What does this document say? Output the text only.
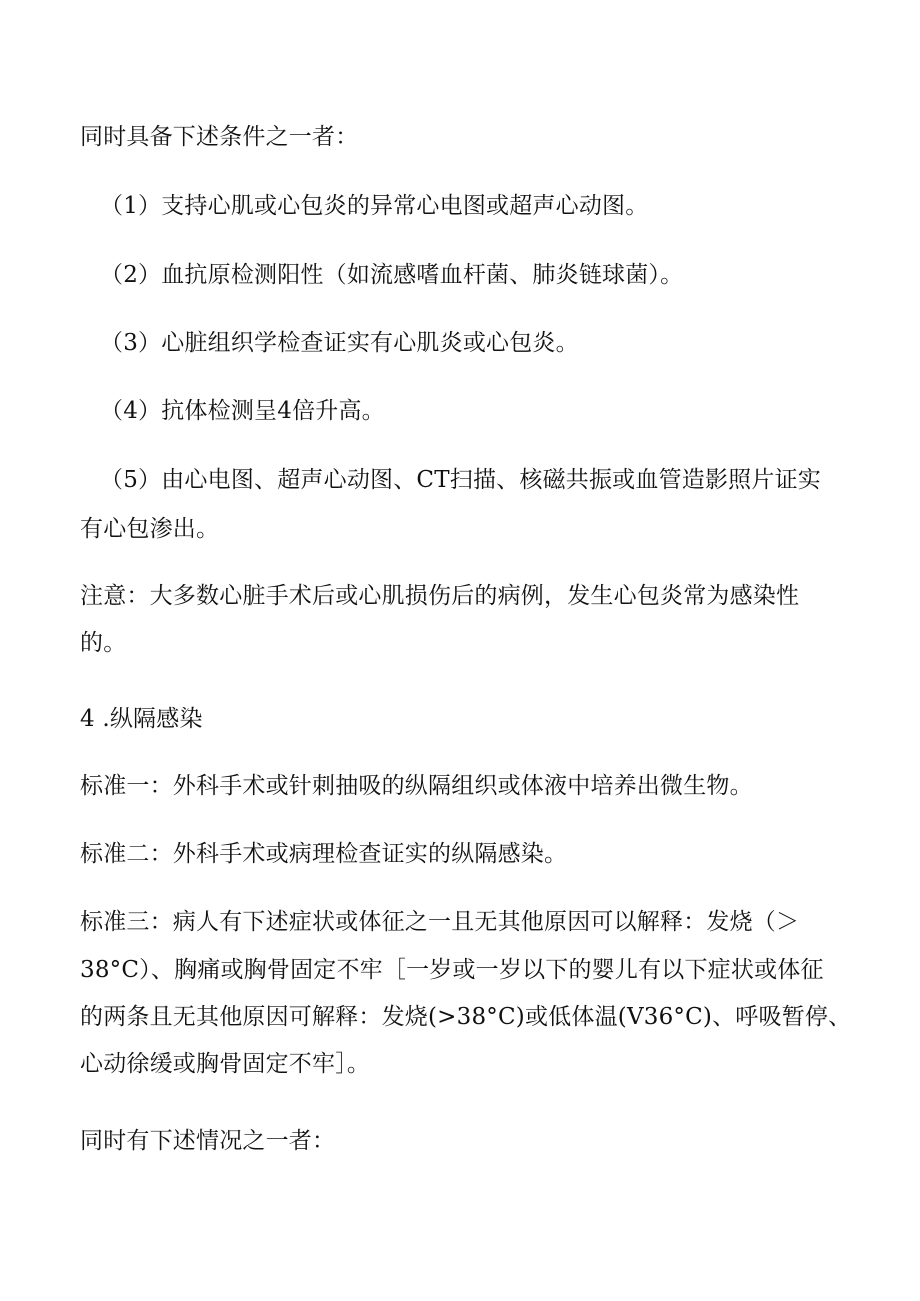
同时具备下述条件之一者：
（1）支持心肌或心包炎的异常心电图或超声心动图。
（2）血抗原检测阳性（如流感嗜血杆菌、肺炎链球菌）。
（3）心脏组织学检查证实有心肌炎或心包炎。
（4）抗体检测呈4倍升高。
（5）由心电图、超声心动图、CT扫描、核磁共振或血管造影照片证实
有心包渗出。
注意：大多数心脏手术后或心肌损伤后的病例，发生心包炎常为感染性
的。
4 .纵隔感染
标准一：外科手术或针刺抽吸的纵隔组织或体液中培养出微生物。
标准二：外科手术或病理检查证实的纵隔感染。
标准三：病人有下述症状或体征之一且无其他原因可以解释：发烧（＞
38°C）、胸痛或胸骨固定不牢［一岁或一岁以下的婴儿有以下症状或体征
的两条且无其他原因可解释：发烧(>38°C)或低体温(V36°C)、呼吸暂停、
心动徐缓或胸骨固定不牢］。
同时有下述情况之一者：
